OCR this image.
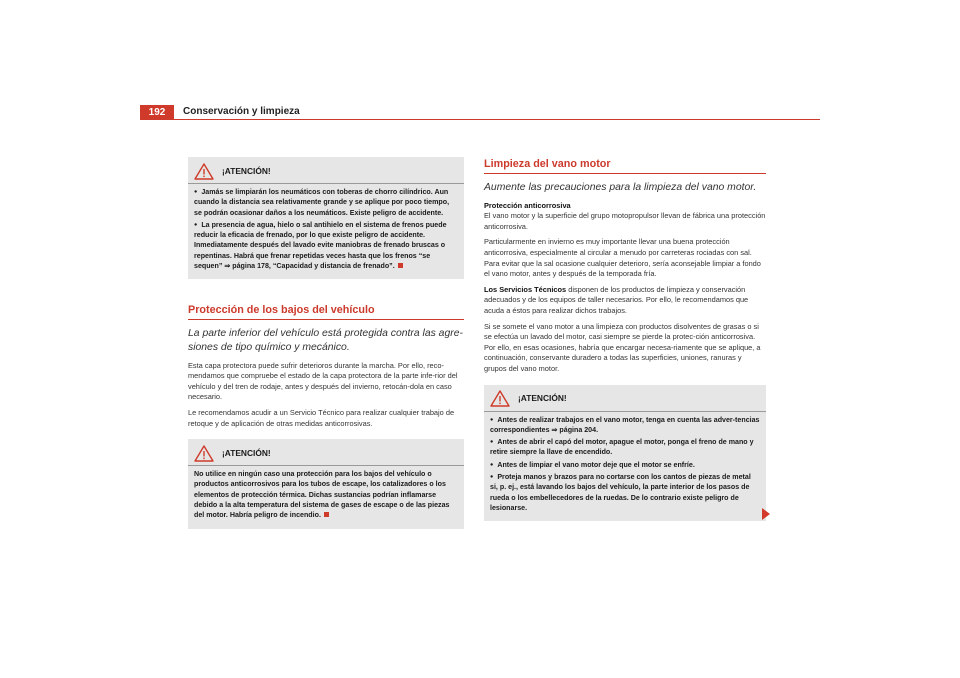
192	Conservación y limpieza
¡ATENCIÓN!

● Jamás se limpiarán los neumáticos con toberas de chorro cilíndrico. Aun cuando la distancia sea relativamente grande y se aplique por poco tiempo, se podrán ocasionar daños a los neumáticos. Existe peligro de accidente.

● La presencia de agua, hielo o sal antihielo en el sistema de frenos puede reducir la eficacia de frenado, por lo que existe peligro de accidente. Inmediatamente después del lavado evite maniobras de frenado bruscas o repentinas. Habrá que frenar repetidas veces hasta que los frenos “se sequen” ⇒ página 178, “Capacidad y distancia de frenado”.

Protección de los bajos del vehículo

La parte inferior del vehículo está protegida contra las agre-siones de tipo químico y mecánico.

Esta capa protectora puede sufrir deterioros durante la marcha. Por ello, reco-mendamos que compruebe el estado de la capa protectora de la parte infe-rior del vehículo y del tren de rodaje, antes y después del invierno, retocán-dola en caso necesario.

Le recomendamos acudir a un Servicio Técnico para realizar cualquier trabajo de retoque y de aplicación de otras medidas anticorrosivas.

¡ATENCIÓN!

No utilice en ningún caso una protección para los bajos del vehículo o productos anticorrosivos para los tubos de escape, los catalizadores o los elementos de protección térmica. Dichas sustancias podrían inflamarse debido a la alta temperatura del sistema de gases de escape o de las piezas del motor. Habría peligro de incendio.

Limpieza del vano motor

Aumente las precauciones para la limpieza del vano motor.

Protección anticorrosiva

El vano motor y la superficie del grupo motopropulsor llevan de fábrica una protección anticorrosiva.

Particularmente en invierno es muy importante llevar una buena protección anticorrosiva, especialmente al circular a menudo por carreteras rociadas con sal. Para evitar que la sal ocasione cualquier deterioro, sería aconsejable limpiar a fondo el vano motor, antes y después de la temporada fría.

Los Servicios Técnicos disponen de los productos de limpieza y conservación adecuados y de los equipos de taller necesarios. Por ello, le recomendamos que acuda a éstos para realizar dichos trabajos.

Si se somete el vano motor a una limpieza con productos disolventes de grasas o si se efectúa un lavado del motor, casi siempre se pierde la protec-ción anticorrosiva. Por ello, en esas ocasiones, habría que encargar necesa-riamente que se aplique, a continuación, conservante duradero a todas las superficies, uniones, ranuras y grupos del vano motor.

¡ATENCIÓN!

● Antes de realizar trabajos en el vano motor, tenga en cuenta las adver-tencias correspondientes ⇒ página 204.

● Antes de abrir el capó del motor, apague el motor, ponga el freno de mano y retire siempre la llave de encendido.

● Antes de limpiar el vano motor deje que el motor se enfríe.

● Proteja manos y brazos para no cortarse con los cantos de piezas de metal si, p. ej., está lavando los bajos del vehículo, la parte interior de los pasos de rueda o los embellecedores de la ruedas. De lo contrario existe peligro de lesionarse.
